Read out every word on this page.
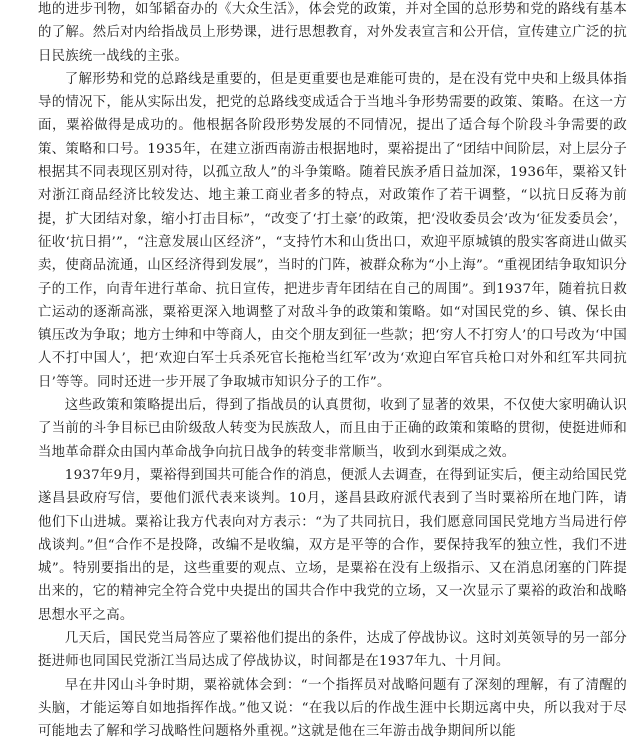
地的进步刊物，如邹韬奋办的《大众生活》，体会党的政策，并对全国的总形势和党的路线有基本的了解。然后对内给指战员上形势课，进行思想教育，对外发表宣言和公开信，宣传建立广泛的抗日民族统一战线的主张。

了解形势和党的总路线是重要的，但是更重要也是难能可贵的，是在没有党中央和上级具体指导的情况下，能从实际出发，把党的总路线变成适合于当地斗争形势需要的政策、策略。在这一方面，粟裕做得是成功的。他根据各阶段形势发展的不同情况，提出了适合每个阶段斗争需要的政策、策略和口号。1935年，在建立浙西南游击根据地时，粟裕提出了“团结中间阶层，对上层分子根据其不同表现区别对待，以孤立敌人”的斗争策略。随着民族矛盾日益加深，1936年，粟裕又针对浙江商品经济比较发达、地主兼工商业者多的特点，对政策作了若干调整，“以抗日反蒋为前提，扩大团结对象，缩小打击目标”，“改变了‘打土豪’的政策，把‘没收委员会’改为‘征发委员会’，征收‘抗日捐’”，“注意发展山区经济”，“支持竹木和山货出口，欢迎平原城镇的殷实客商进山做买卖，使商品流通，山区经济得到发展”，当时的门阵，被群众称为“小上海”。“重视团结争取知识分子的工作，向青年进行革命、抗日宣传，把进步青年团结在自己的周围”。到1937年，随着抗日救亡运动的逐渐高涨，粟裕更深入地调整了对敌斗争的政策和策略。如“对国民党的乡、镇、保长由镇压改为争取；地方士绅和中等商人，由交个朋友到征一些款；把‘穷人不打穷人’的口号改为‘中国人不打中国人’，把‘欢迎白军士兵杀死官长拖枪当红军’改为‘欢迎白军官兵枪口对外和红军共同抗日’等等。同时还进一步开展了争取城市知识分子的工作”。

这些政策和策略提出后，得到了指战员的认真贯彻，收到了显著的效果，不仅使大家明确认识了当前的斗争目标已由阶级敌人转变为民族敌人，而且由于正确的政策和策略的贯彻，使挺进师和当地革命群众由国内革命战争向抗日战争的转变非常顺当，收到水到渠成之效。

1937年9月，粟裕得到国共可能合作的消息，便派人去调查，在得到证实后，便主动给国民党遂昌县政府写信，要他们派代表来谈判。10月，遂昌县政府派代表到了当时粟裕所在地门阵，请他们下山进城。粟裕让我方代表向对方表示：“为了共同抗日，我们愿意同国民党地方当局进行停战谈判。”但“合作不是投降，改编不是收编，双方是平等的合作，要保持我军的独立性，我们不进城”。特别要指出的是，这些重要的观点、立场，是粟裕在没有上级指示、又在消息闭塞的门阵提出来的，它的精神完全符合党中央提出的国共合作中我党的立场，又一次显示了粟裕的政治和战略思想水平之高。

几天后，国民党当局答应了粟裕他们提出的条件，达成了停战协议。这时刘英领导的另一部分挺进师也同国民党浙江当局达成了停战协议，时间都是在1937年九、十月间。

早在井冈山斗争时期，粟裕就体会到：“一个指挥员对战略问题有了深刻的理解，有了清醒的头脑，才能运筹自如地指挥作战。”他又说：“在我以后的作战生涯中长期远离中央，所以我对于尽可能地去了解和学习战略性问题格外重视。”这就是他在三年游击战争期间所以能
